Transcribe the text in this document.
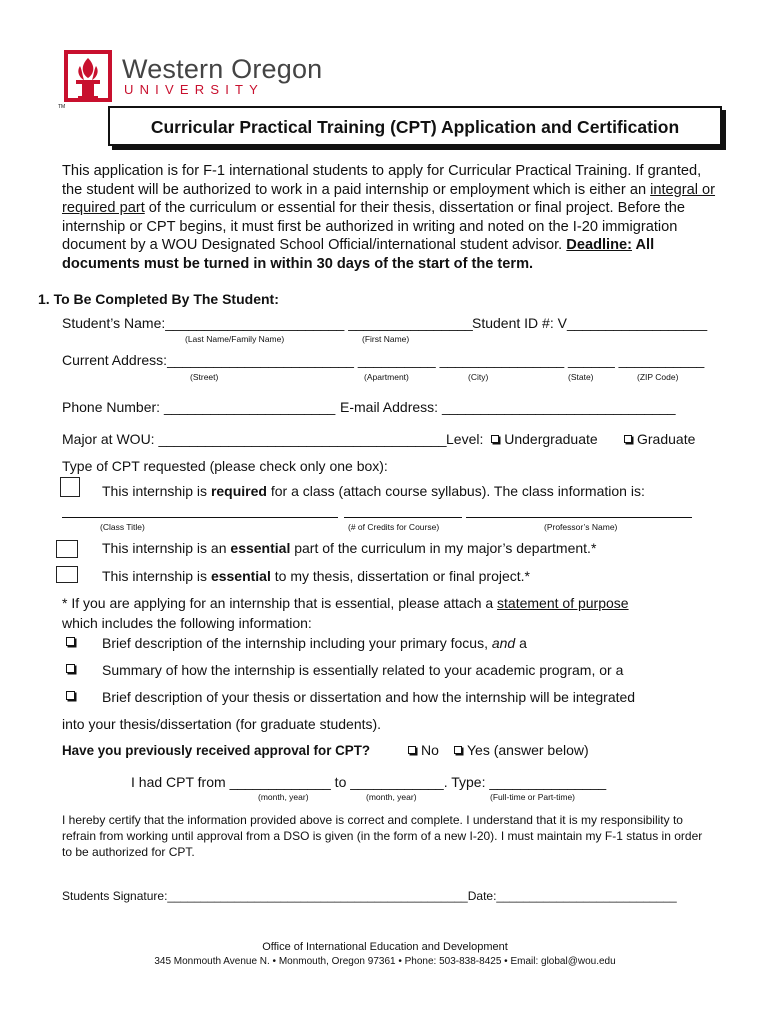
TM
Western Oregon
UNIVERSITY
Curricular Practical Training (CPT) Application and Certification
This application is for F-1 international students to apply for Curricular Practical Training. If granted, the student will be authorized to work in a paid internship or employment which is either an integral or required part of the curriculum or essential for their thesis, dissertation or final project. Before the internship or CPT begins, it must first be authorized in writing and noted on the I-20 immigration document by a WOU Designated School Official/international student advisor. Deadline: All documents must be turned in within 30 days of the start of the term.
1. To Be Completed By The Student:
Student’s Name:_______________________ ________________ Student ID #: V__________________
(Last Name/Family Name)	(First Name)
Current Address:________________________ __________ ________________ ______ ___________
(Street)	(Apartment)	(City)	(State)	(ZIP Code)
Phone Number: ______________________ E-mail Address: ______________________________
Major at WOU: _____________________________________ Level: Undergraduate	Graduate
Type of CPT requested (please check only one box):
This internship is required for a class (attach course syllabus). The class information is:
(Class Title)	(# of Credits for Course)	(Professor’s Name)
This internship is an essential part of the curriculum in my major’s department.*
This internship is essential to my thesis, dissertation or final project.*
* If you are applying for an internship that is essential, please attach a statement of purpose
which includes the following information:
Brief description of the internship including your primary focus, and a
Summary of how the internship is essentially related to your academic program, or a
Brief description of your thesis or dissertation and how the internship will be integrated
into your thesis/dissertation (for graduate students).
Have you previously received approval for CPT?	No	Yes (answer below)
I had CPT from _____________ to ____________. Type: _______________
(month, year)	(month, year)	(Full-time or Part-time)
I hereby certify that the information provided above is correct and complete. I understand that it is my responsibility to refrain from working until approval from a DSO is given (in the form of a new I-20). I must maintain my F-1 status in order to be authorized for CPT.
Students Signature:_____________________________________________Date:___________________________
Office of International Education and Development
345 Monmouth Avenue N. • Monmouth, Oregon 97361 • Phone: 503-838-8425 • Email: global@wou.edu
